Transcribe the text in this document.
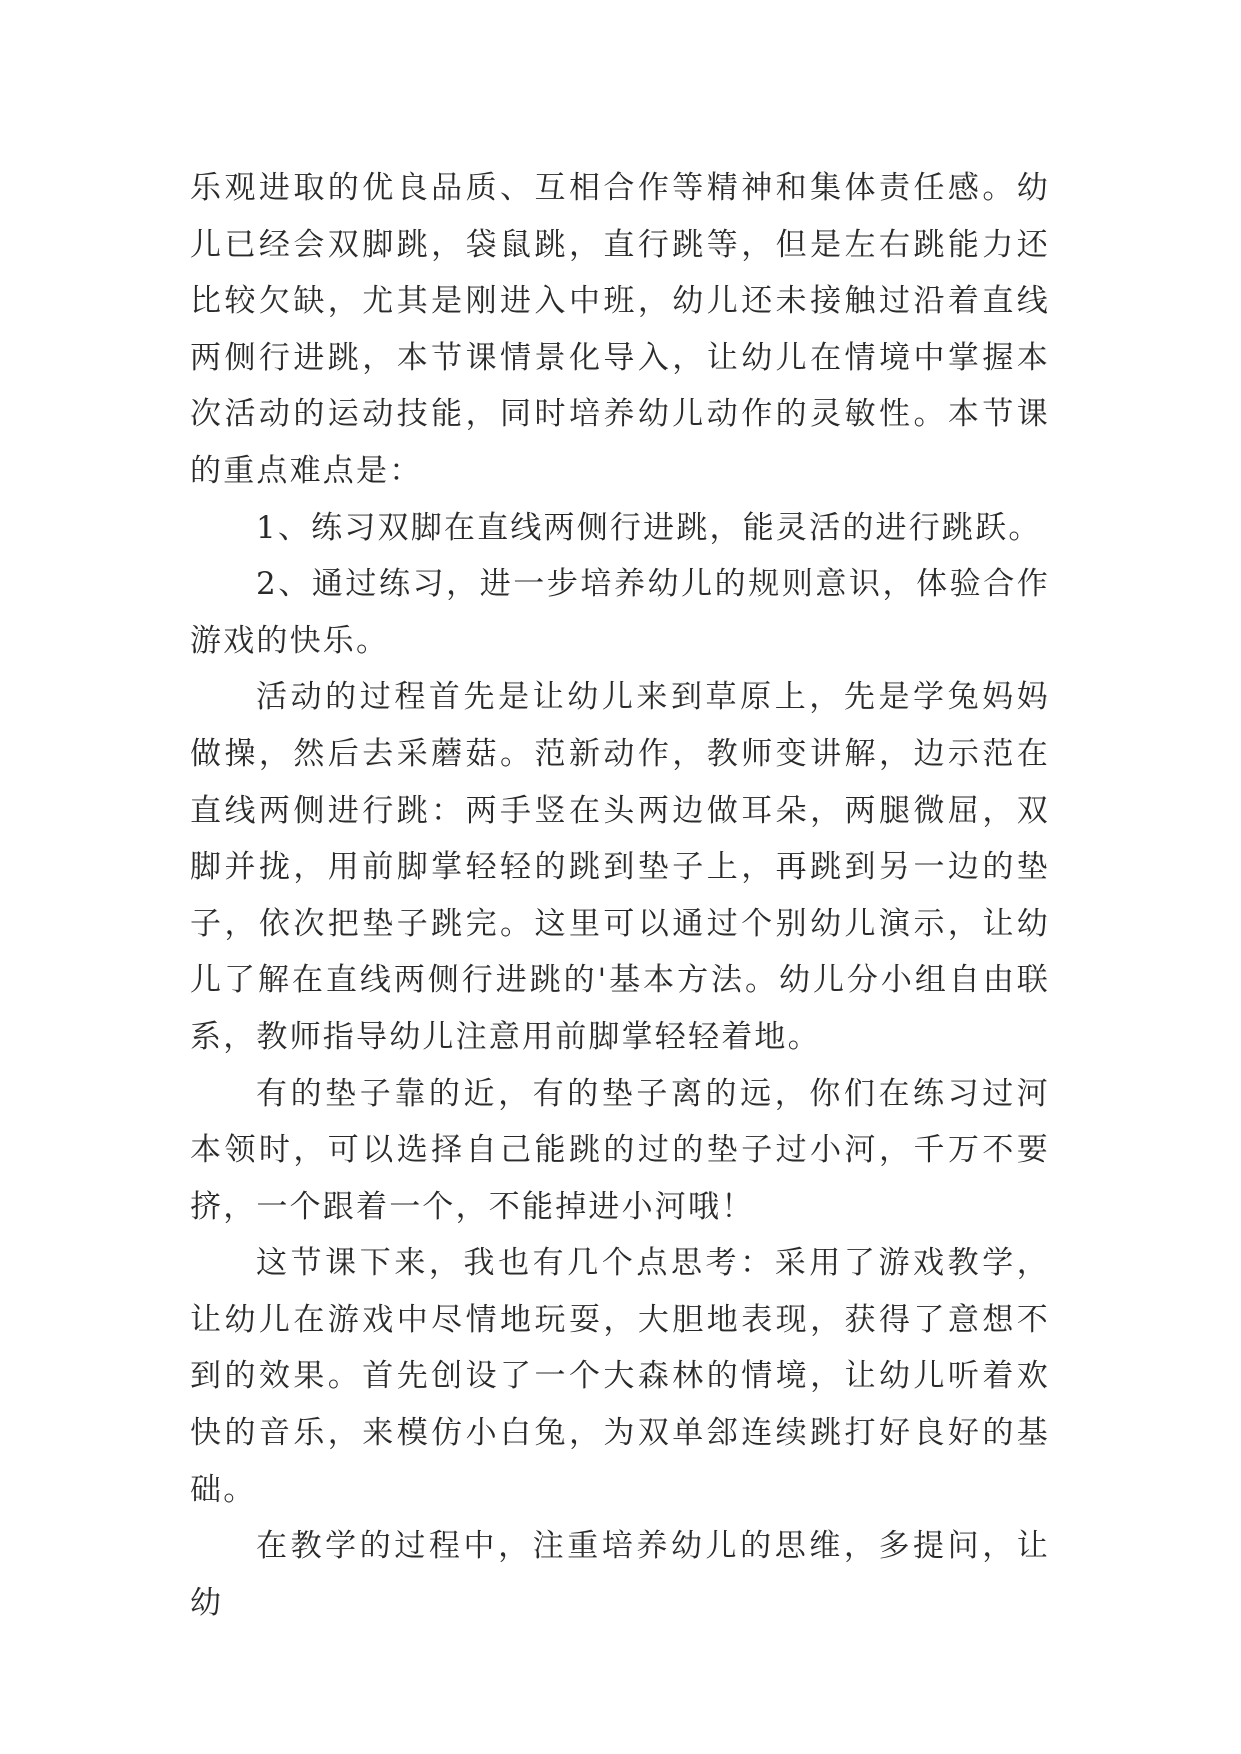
乐观进取的优良品质、互相合作等精神和集体责任感。幼儿已经会双脚跳，袋鼠跳，直行跳等，但是左右跳能力还比较欠缺，尤其是刚进入中班，幼儿还未接触过沿着直线两侧行进跳，本节课情景化导入，让幼儿在情境中掌握本次活动的运动技能，同时培养幼儿动作的灵敏性。本节课的重点难点是：

1、练习双脚在直线两侧行进跳，能灵活的进行跳跃。

2、通过练习，进一步培养幼儿的规则意识，体验合作游戏的快乐。

活动的过程首先是让幼儿来到草原上，先是学兔妈妈做操，然后去采蘑菇。范新动作，教师变讲解，边示范在直线两侧进行跳：两手竖在头两边做耳朵，两腿微屈，双脚并拢，用前脚掌轻轻的跳到垫子上，再跳到另一边的垫子，依次把垫子跳完。这里可以通过个别幼儿演示，让幼儿了解在直线两侧行进跳的'基本方法。幼儿分小组自由联系，教师指导幼儿注意用前脚掌轻轻着地。

有的垫子靠的近，有的垫子离的远，你们在练习过河本领时，可以选择自己能跳的过的垫子过小河，千万不要挤，一个跟着一个，不能掉进小河哦！

这节课下来，我也有几个点思考：采用了游戏教学，让幼儿在游戏中尽情地玩耍，大胆地表现，获得了意想不到的效果。首先创设了一个大森林的情境，让幼儿听着欢快的音乐，来模仿小白兔，为双单郐连续跳打好良好的基础。

在教学的过程中，注重培养幼儿的思维，多提问，让幼
